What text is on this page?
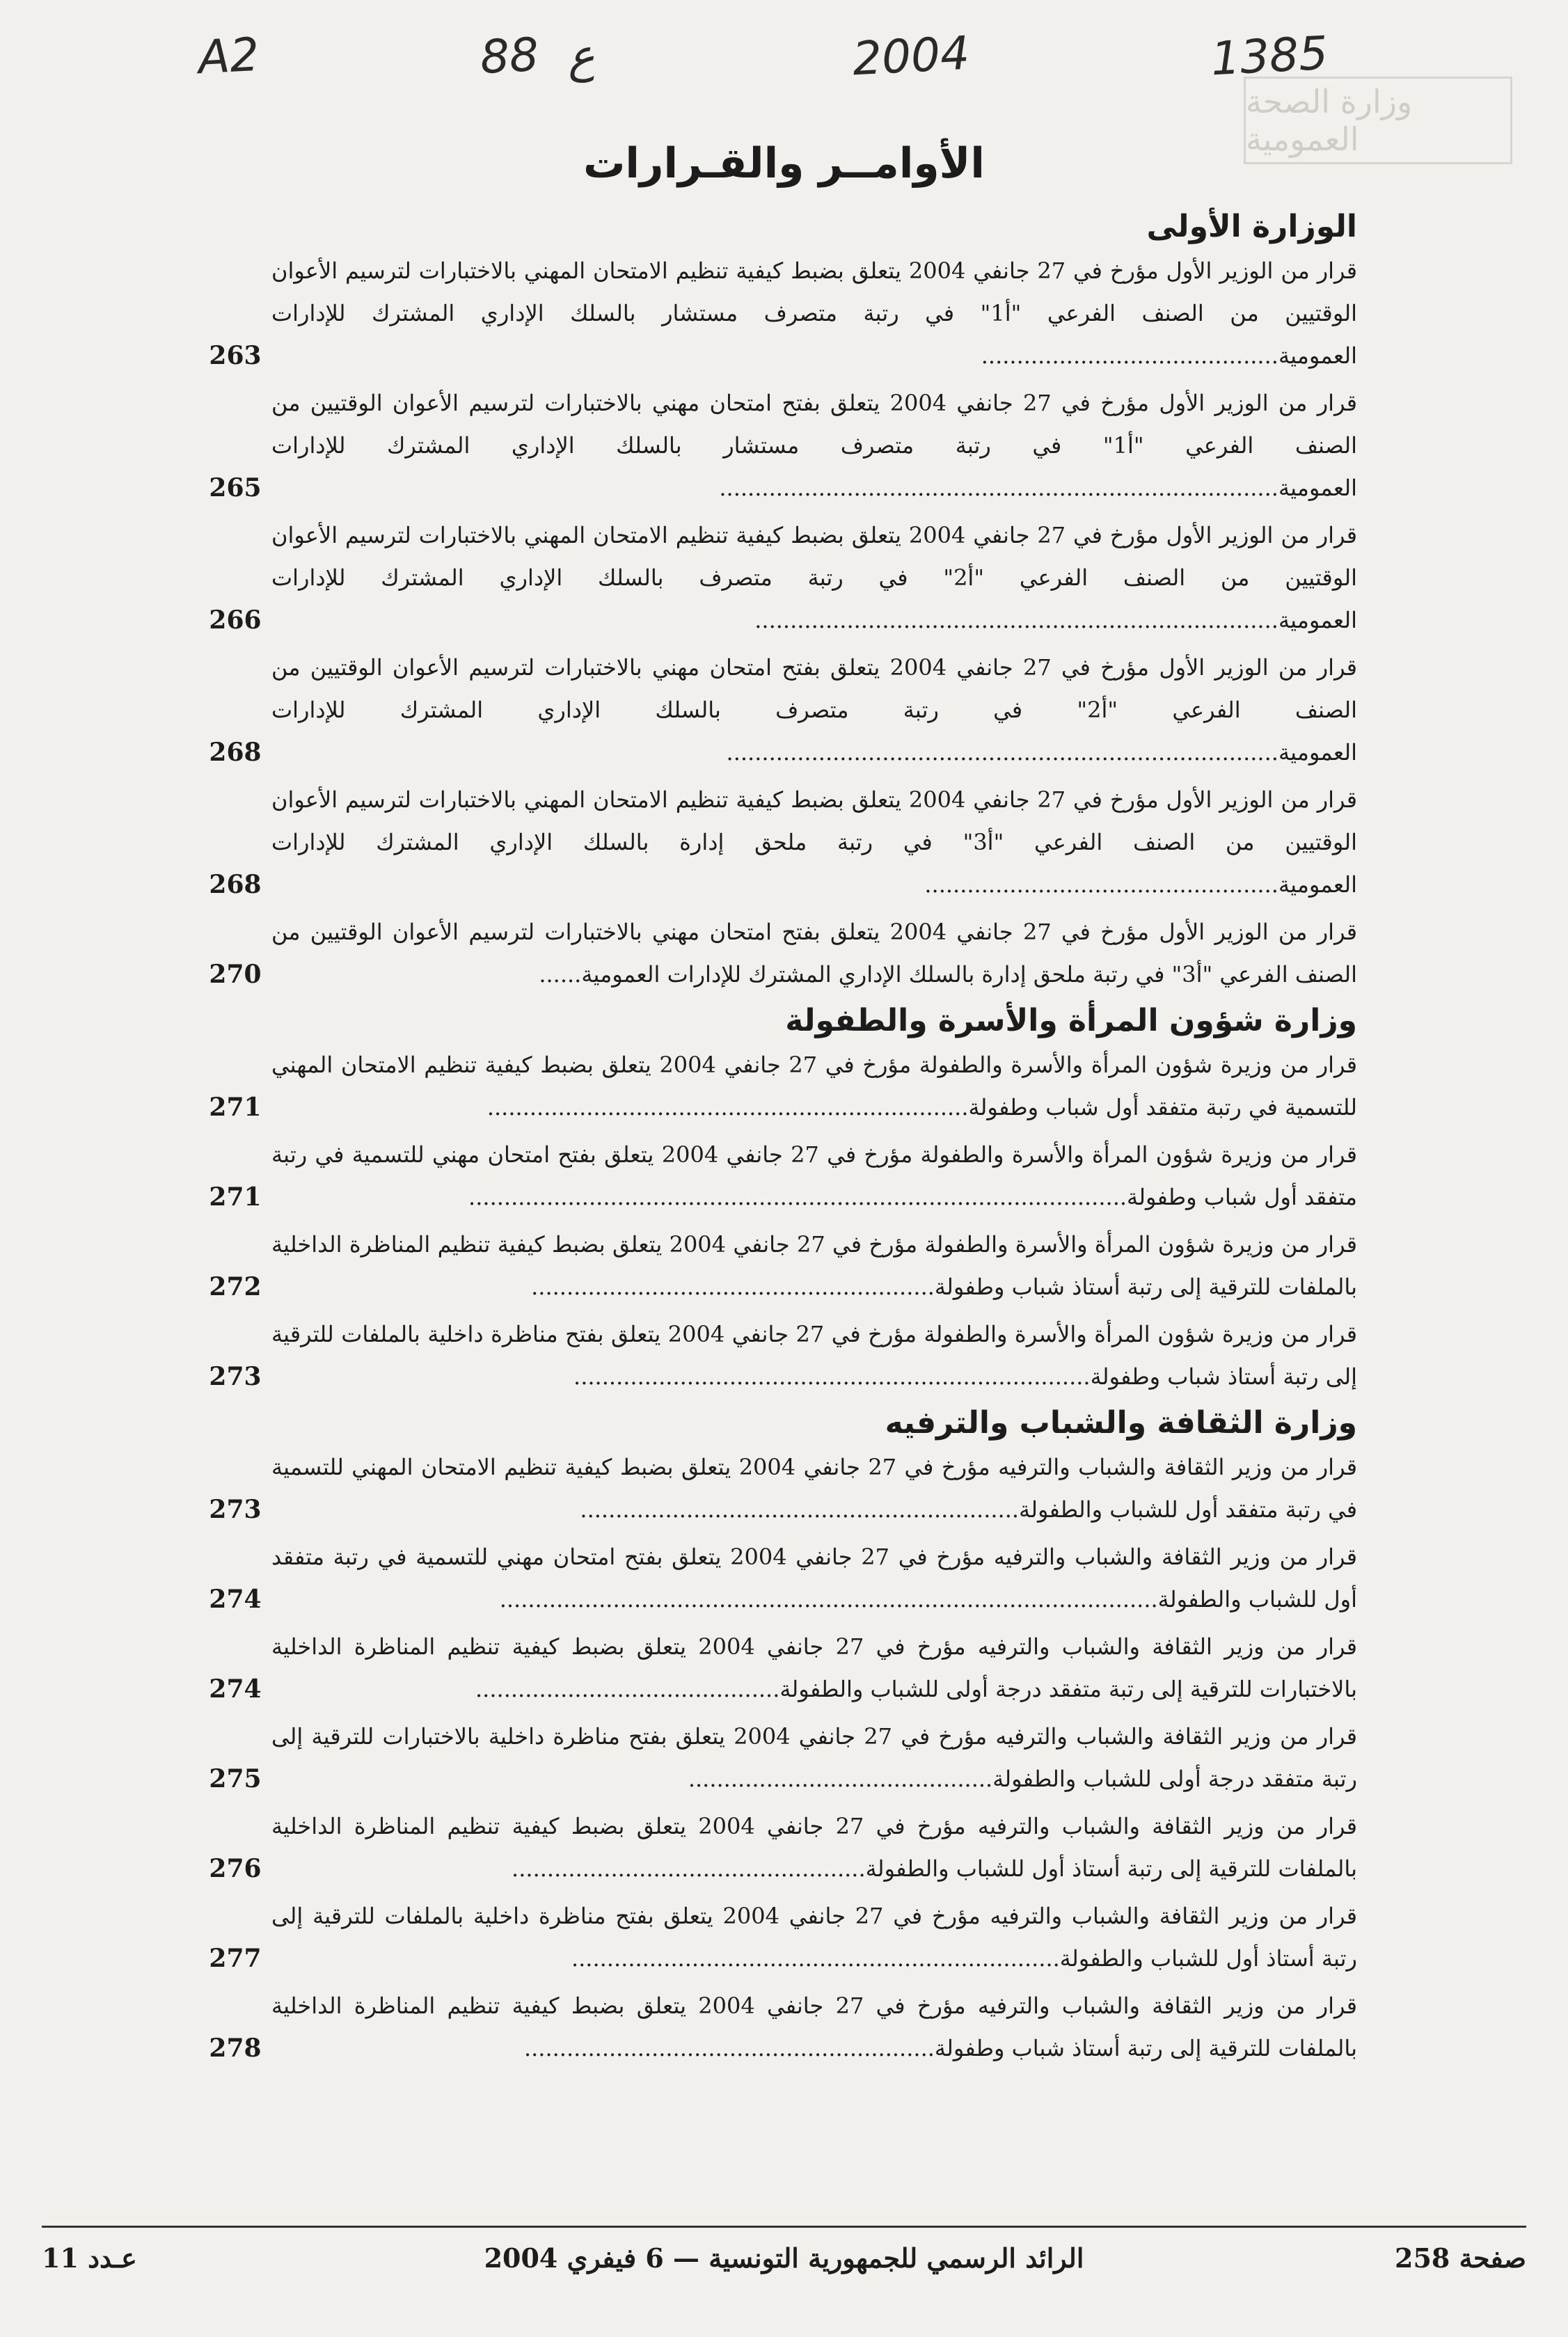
A2	88 ع	2004	1385
وزارة الصحة العمومية
الأوامــر والقـرارات
الوزارة الأولى
قرار من الوزير الأول مؤرخ في 27 جانفي 2004 يتعلق بضبط كيفية تنظيم الامتحان المهني بالاختبارات لترسيم الأعوان الوقتيين من الصنف الفرعي "أ1" في رتبة متصرف مستشار بالسلك الإداري المشترك للإدارات العمومية..........................................
263
قرار من الوزير الأول مؤرخ في 27 جانفي 2004 يتعلق بفتح امتحان مهني بالاختبارات لترسيم الأعوان الوقتيين من الصنف الفرعي "أ1" في رتبة متصرف مستشار بالسلك الإداري المشترك للإدارات العمومية...............................................................................
265
قرار من الوزير الأول مؤرخ في 27 جانفي 2004 يتعلق بضبط كيفية تنظيم الامتحان المهني بالاختبارات لترسيم الأعوان الوقتيين من الصنف الفرعي "أ2" في رتبة متصرف بالسلك الإداري المشترك للإدارات العمومية..........................................................................
266
قرار من الوزير الأول مؤرخ في 27 جانفي 2004 يتعلق بفتح امتحان مهني بالاختبارات لترسيم الأعوان الوقتيين من الصنف الفرعي "أ2" في رتبة متصرف بالسلك الإداري المشترك للإدارات العمومية..............................................................................
268
قرار من الوزير الأول مؤرخ في 27 جانفي 2004 يتعلق بضبط كيفية تنظيم الامتحان المهني بالاختبارات لترسيم الأعوان الوقتيين من الصنف الفرعي "أ3" في رتبة ملحق إدارة بالسلك الإداري المشترك للإدارات العمومية..................................................
268
قرار من الوزير الأول مؤرخ في 27 جانفي 2004 يتعلق بفتح امتحان مهني بالاختبارات لترسيم الأعوان الوقتيين من الصنف الفرعي "أ3" في رتبة ملحق إدارة بالسلك الإداري المشترك للإدارات العمومية......
270
وزارة شؤون المرأة والأسرة والطفولة
قرار من وزيرة شؤون المرأة والأسرة والطفولة مؤرخ في 27 جانفي 2004 يتعلق بضبط كيفية تنظيم الامتحان المهني للتسمية في رتبة متفقد أول شباب وطفولة....................................................................
271
قرار من وزيرة شؤون المرأة والأسرة والطفولة مؤرخ في 27 جانفي 2004 يتعلق بفتح امتحان مهني للتسمية في رتبة متفقد أول شباب وطفولة.............................................................................................
271
قرار من وزيرة شؤون المرأة والأسرة والطفولة مؤرخ في 27 جانفي 2004 يتعلق بضبط كيفية تنظيم المناظرة الداخلية بالملفات للترقية إلى رتبة أستاذ شباب وطفولة.........................................................
272
قرار من وزيرة شؤون المرأة والأسرة والطفولة مؤرخ في 27 جانفي 2004 يتعلق بفتح مناظرة داخلية بالملفات للترقية إلى رتبة أستاذ شباب وطفولة.........................................................................
273
وزارة الثقافة والشباب والترفيه
قرار من وزير الثقافة والشباب والترفيه مؤرخ في 27 جانفي 2004 يتعلق بضبط كيفية تنظيم الامتحان المهني للتسمية في رتبة متفقد أول للشباب والطفولة..............................................................
273
قرار من وزير الثقافة والشباب والترفيه مؤرخ في 27 جانفي 2004 يتعلق بفتح امتحان مهني للتسمية في رتبة متفقد أول للشباب والطفولة.............................................................................................
274
قرار من وزير الثقافة والشباب والترفيه مؤرخ في 27 جانفي 2004 يتعلق بضبط كيفية تنظيم المناظرة الداخلية بالاختبارات للترقية إلى رتبة متفقد درجة أولى للشباب والطفولة...........................................
274
قرار من وزير الثقافة والشباب والترفيه مؤرخ في 27 جانفي 2004 يتعلق بفتح مناظرة داخلية بالاختبارات للترقية إلى رتبة متفقد درجة أولى للشباب والطفولة...........................................
275
قرار من وزير الثقافة والشباب والترفيه مؤرخ في 27 جانفي 2004 يتعلق بضبط كيفية تنظيم المناظرة الداخلية بالملفات للترقية إلى رتبة أستاذ أول للشباب والطفولة..................................................
276
قرار من وزير الثقافة والشباب والترفيه مؤرخ في 27 جانفي 2004 يتعلق بفتح مناظرة داخلية بالملفات للترقية إلى رتبة أستاذ أول للشباب والطفولة.....................................................................
277
قرار من وزير الثقافة والشباب والترفيه مؤرخ في 27 جانفي 2004 يتعلق بضبط كيفية تنظيم المناظرة الداخلية بالملفات للترقية إلى رتبة أستاذ شباب وطفولة..........................................................
278
صفحة 258
الرائد الرسمي للجمهورية التونسية — 6 فيفري 2004
عـدد 11
